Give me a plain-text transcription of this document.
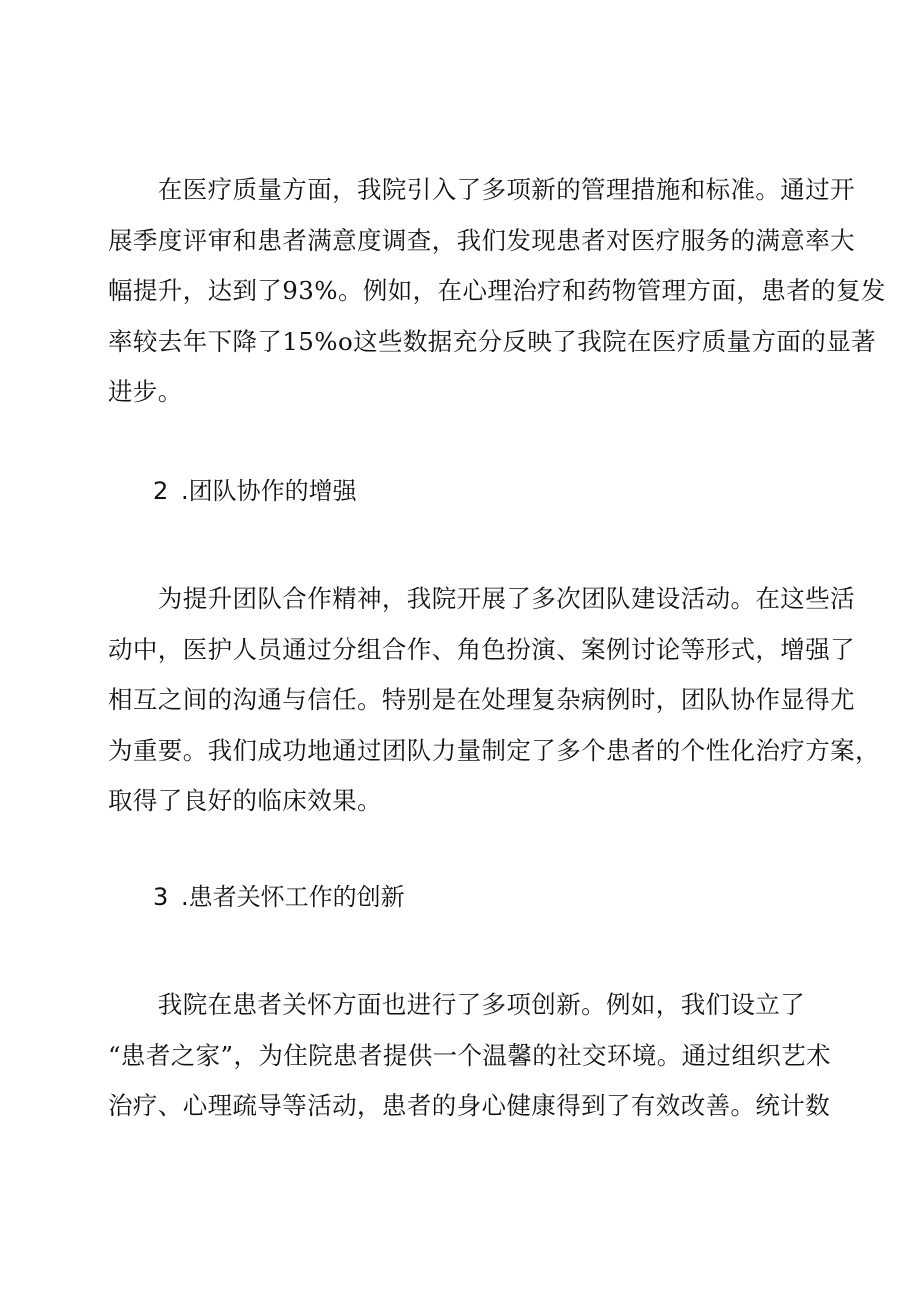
　　在医疗质量方面，我院引入了多项新的管理措施和标准。通过开
展季度评审和患者满意度调查，我们发现患者对医疗服务的满意率大
幅提升，达到了93%。例如，在心理治疗和药物管理方面，患者的复发
率较去年下降了15%o这些数据充分反映了我院在医疗质量方面的显著
进步。

2 .团队协作的增强

　　为提升团队合作精神，我院开展了多次团队建设活动。在这些活
动中，医护人员通过分组合作、角色扮演、案例讨论等形式，增强了
相互之间的沟通与信任。特别是在处理复杂病例时，团队协作显得尤
为重要。我们成功地通过团队力量制定了多个患者的个性化治疗方案，
取得了良好的临床效果。

3 .患者关怀工作的创新

　　我院在患者关怀方面也进行了多项创新。例如，我们设立了
“患者之家”，为住院患者提供一个温馨的社交环境。通过组织艺术
治疗、心理疏导等活动，患者的身心健康得到了有效改善。统计数
